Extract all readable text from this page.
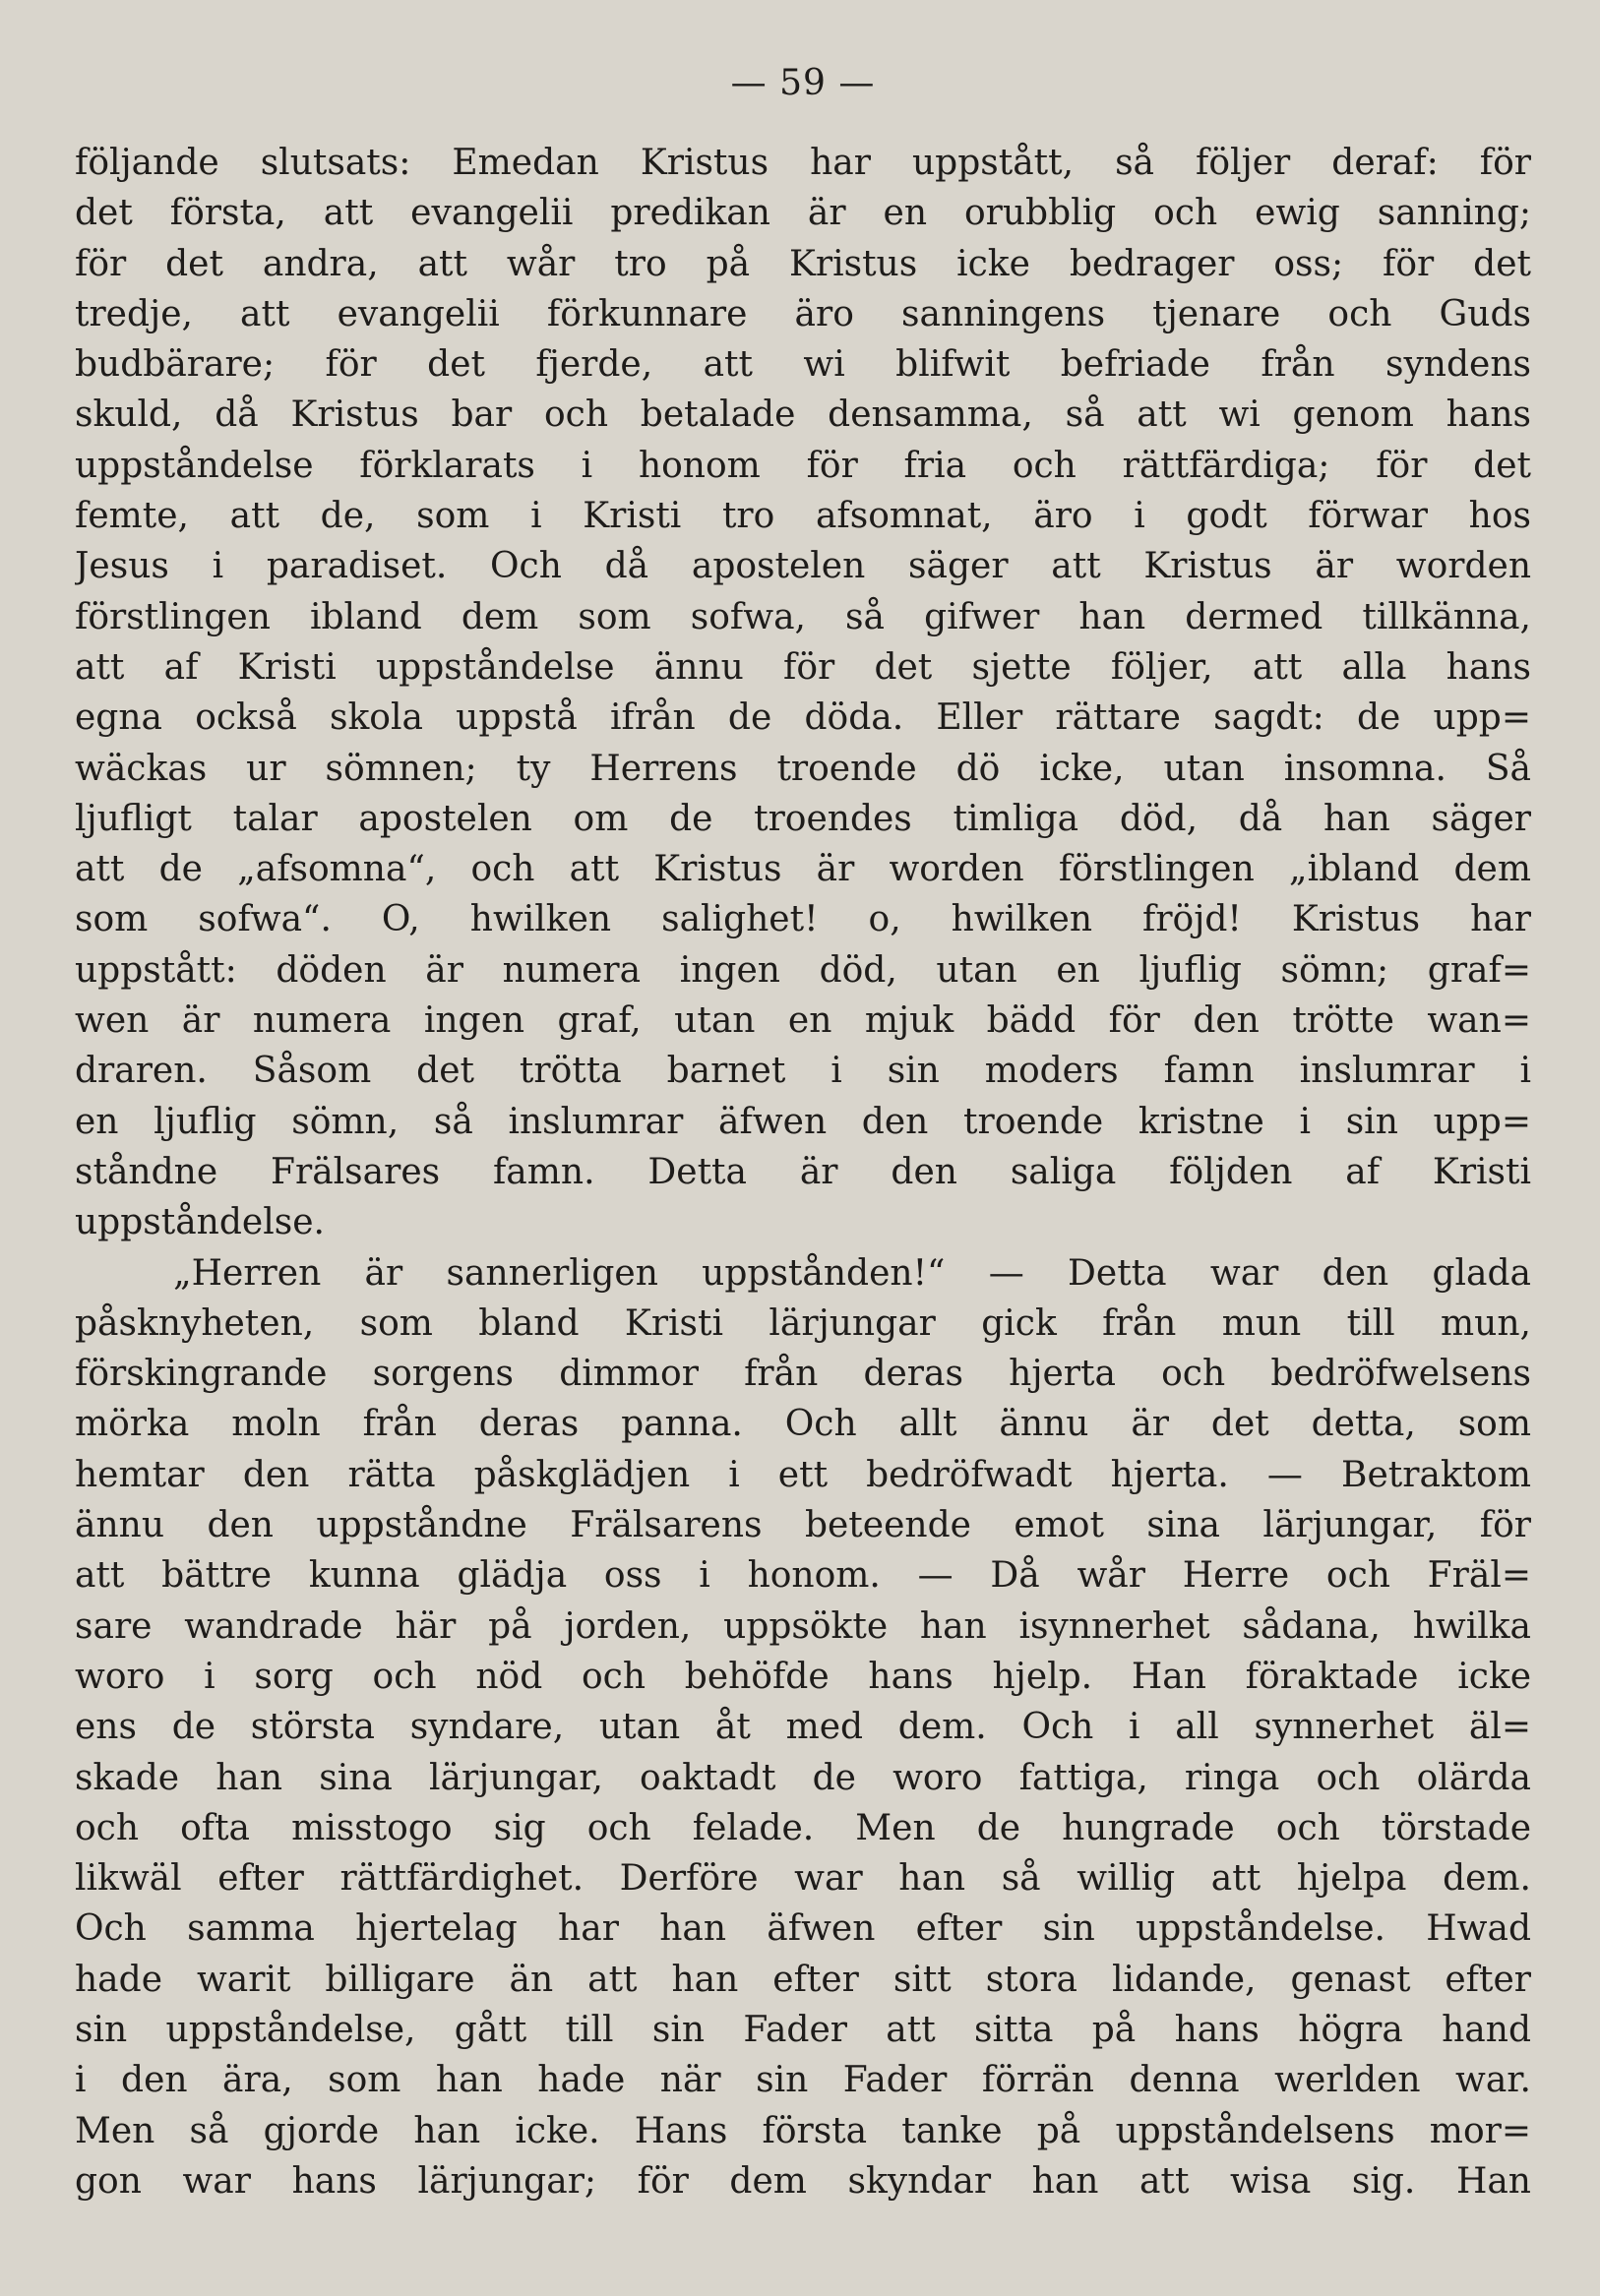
— 59 —
följande slutsats: Emedan Kristus har uppstått, så följer deraf: för
det första, att evangelii predikan är en orubblig och ewig sanning;
för det andra, att wår tro på Kristus icke bedrager oss; för det
tredje, att evangelii förkunnare äro sanningens tjenare och Guds
budbärare; för det fjerde, att wi blifwit befriade från syndens
skuld, då Kristus bar och betalade densamma, så att wi genom hans
uppståndelse förklarats i honom för fria och rättfärdiga; för det
femte, att de, som i Kristi tro afsomnat, äro i godt förwar hos
Jesus i paradiset. Och då apostelen säger att Kristus är worden
förstlingen ibland dem som sofwa, så gifwer han dermed tillkänna,
att af Kristi uppståndelse ännu för det sjette följer, att alla hans
egna också skola uppstå ifrån de döda. Eller rättare sagdt: de upp=
wäckas ur sömnen; ty Herrens troende dö icke, utan insomna. Så
ljufligt talar apostelen om de troendes timliga död, då han säger
att de „afsomna“, och att Kristus är worden förstlingen „ibland dem
som sofwa“. O, hwilken salighet! o, hwilken fröjd! Kristus har
uppstått: döden är numera ingen död, utan en ljuflig sömn; graf=
wen är numera ingen graf, utan en mjuk bädd för den trötte wan=
draren. Såsom det trötta barnet i sin moders famn inslumrar i
en ljuflig sömn, så inslumrar äfwen den troende kristne i sin upp=
ståndne Frälsares famn. Detta är den saliga följden af Kristi
uppståndelse.
„Herren är sannerligen uppstånden!“ — Detta war den glada
påsknyheten, som bland Kristi lärjungar gick från mun till mun,
förskingrande sorgens dimmor från deras hjerta och bedröfwelsens
mörka moln från deras panna. Och allt ännu är det detta, som
hemtar den rätta påskglädjen i ett bedröfwadt hjerta. — Betraktom
ännu den uppståndne Frälsarens beteende emot sina lärjungar, för
att bättre kunna glädja oss i honom. — Då wår Herre och Fräl=
sare wandrade här på jorden, uppsökte han isynnerhet sådana, hwilka
woro i sorg och nöd och behöfde hans hjelp. Han föraktade icke
ens de största syndare, utan åt med dem. Och i all synnerhet äl=
skade han sina lärjungar, oaktadt de woro fattiga, ringa och olärda
och ofta misstogo sig och felade. Men de hungrade och törstade
likwäl efter rättfärdighet. Derföre war han så willig att hjelpa dem.
Och samma hjertelag har han äfwen efter sin uppståndelse. Hwad
hade warit billigare än att han efter sitt stora lidande, genast efter
sin uppståndelse, gått till sin Fader att sitta på hans högra hand
i den ära, som han hade när sin Fader förrän denna werlden war.
Men så gjorde han icke. Hans första tanke på uppståndelsens mor=
gon war hans lärjungar; för dem skyndar han att wisa sig. Han
